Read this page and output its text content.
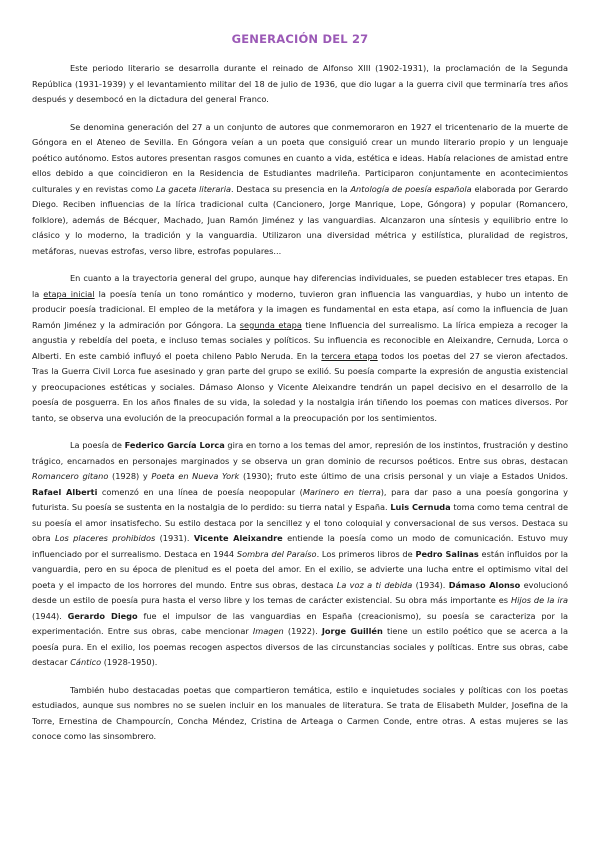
GENERACIÓN DEL 27

Este periodo literario se desarrolla durante el reinado de Alfonso XIII (1902-1931), la proclamación de la Segunda República (1931-1939) y el levantamiento militar del 18 de julio de 1936, que dio lugar a la guerra civil que terminaría tres años después y desembocó en la dictadura del general Franco.

Se denomina generación del 27 a un conjunto de autores que conmemoraron en 1927 el tricentenario de la muerte de Góngora en el Ateneo de Sevilla. En Góngora veían a un poeta que consiguió crear un mundo literario propio y un lenguaje poético autónomo. Estos autores presentan rasgos comunes en cuanto a vida, estética e ideas. Había relaciones de amistad entre ellos debido a que coincidieron en la Residencia de Estudiantes madrileña. Participaron conjuntamente en acontecimientos culturales y en revistas como La gaceta literaria. Destaca su presencia en la Antología de poesía española elaborada por Gerardo Diego. Reciben influencias de la lírica tradicional culta (Cancionero, Jorge Manrique, Lope, Góngora) y popular (Romancero, folklore), además de Bécquer, Machado, Juan Ramón Jiménez y las vanguardias. Alcanzaron una síntesis y equilibrio entre lo clásico y lo moderno, la tradición y la vanguardia. Utilizaron una diversidad métrica y estilística, pluralidad de registros, metáforas, nuevas estrofas, verso libre, estrofas populares...

En cuanto a la trayectoria general del grupo, aunque hay diferencias individuales, se pueden establecer tres etapas. En la etapa inicial la poesía tenía un tono romántico y moderno, tuvieron gran influencia las vanguardias, y hubo un intento de producir poesía tradicional. El empleo de la metáfora y la imagen es fundamental en esta etapa, así como la influencia de Juan Ramón Jiménez y la admiración por Góngora. La segunda etapa tiene Influencia del surrealismo. La lírica empieza a recoger la angustia y rebeldía del poeta, e incluso temas sociales y políticos. Su influencia es reconocible en Aleixandre, Cernuda, Lorca o Alberti. En este cambió influyó el poeta chileno Pablo Neruda. En la tercera etapa todos los poetas del 27 se vieron afectados. Tras la Guerra Civil Lorca fue asesinado y gran parte del grupo se exilió. Su poesía comparte la expresión de angustia existencial y preocupaciones estéticas y sociales. Dámaso Alonso y Vicente Aleixandre tendrán un papel decisivo en el desarrollo de la poesía de posguerra. En los años finales de su vida, la soledad y la nostalgia irán tiñendo los poemas con matices diversos. Por tanto, se observa una evolución de la preocupación formal a la preocupación por los sentimientos.

La poesía de Federico García Lorca gira en torno a los temas del amor, represión de los instintos, frustración y destino trágico, encarnados en personajes marginados y se observa un gran dominio de recursos poéticos. Entre sus obras, destacan Romancero gitano (1928) y Poeta en Nueva York (1930); fruto este último de una crisis personal y un viaje a Estados Unidos. Rafael Alberti comenzó en una línea de poesía neopopular (Marinero en tierra), para dar paso a una poesía gongorina y futurista. Su poesía se sustenta en la nostalgia de lo perdido: su tierra natal y España. Luis Cernuda toma como tema central de su poesía el amor insatisfecho. Su estilo destaca por la sencillez y el tono coloquial y conversacional de sus versos. Destaca su obra Los placeres prohibidos (1931). Vicente Aleixandre entiende la poesía como un modo de comunicación. Estuvo muy influenciado por el surrealismo. Destaca en 1944 Sombra del Paraíso. Los primeros libros de Pedro Salinas están influidos por la vanguardia, pero en su época de plenitud es el poeta del amor. En el exilio, se advierte una lucha entre el optimismo vital del poeta y el impacto de los horrores del mundo. Entre sus obras, destaca La voz a ti debida (1934). Dámaso Alonso evolucionó desde un estilo de poesía pura hasta el verso libre y los temas de carácter existencial. Su obra más importante es Hijos de la ira (1944). Gerardo Diego fue el impulsor de las vanguardias en España (creacionismo), su poesía se caracteriza por la experimentación. Entre sus obras, cabe mencionar Imagen (1922). Jorge Guillén tiene un estilo poético que se acerca a la poesía pura. En el exilio, los poemas recogen aspectos diversos de las circunstancias sociales y políticas. Entre sus obras, cabe destacar Cántico (1928-1950).

También hubo destacadas poetas que compartieron temática, estilo e inquietudes sociales y políticas con los poetas estudiados, aunque sus nombres no se suelen incluir en los manuales de literatura. Se trata de Elisabeth Mulder, Josefina de la Torre, Ernestina de Champourcín, Concha Méndez, Cristina de Arteaga o Carmen Conde, entre otras. A estas mujeres se las conoce como las sinsombrero.
